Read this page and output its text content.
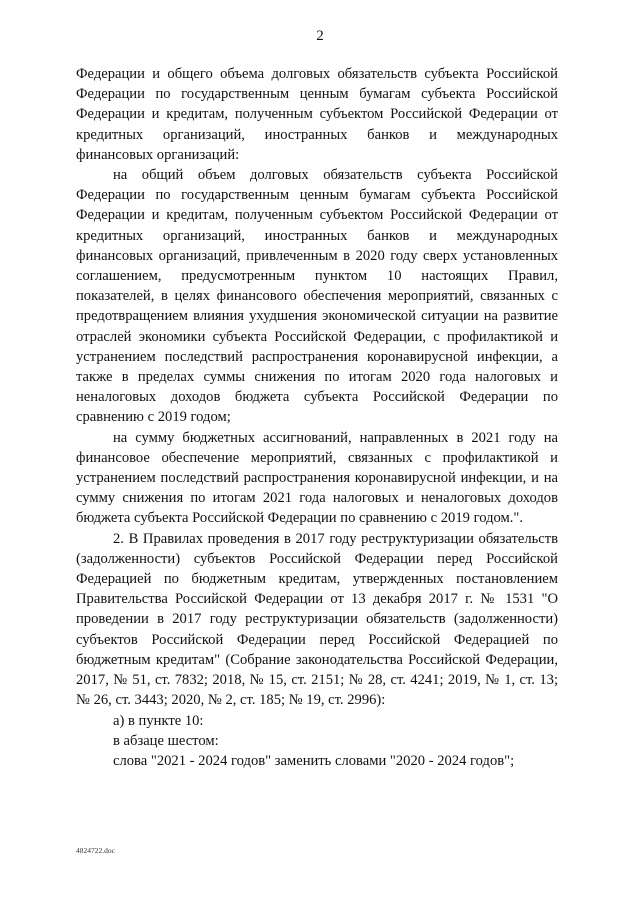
2

Федерации и общего объема долговых обязательств субъекта Российской Федерации по государственным ценным бумагам субъекта Российской Федерации и кредитам, полученным субъектом Российской Федерации от кредитных организаций, иностранных банков и международных финансовых организаций:

на общий объем долговых обязательств субъекта Российской Федерации по государственным ценным бумагам субъекта Российской Федерации и кредитам, полученным субъектом Российской Федерации от кредитных организаций, иностранных банков и международных финансовых организаций, привлеченным в 2020 году сверх установленных соглашением, предусмотренным пунктом 10 настоящих Правил, показателей, в целях финансового обеспечения мероприятий, связанных с предотвращением влияния ухудшения экономической ситуации на развитие отраслей экономики субъекта Российской Федерации, с профилактикой и устранением последствий распространения коронавирусной инфекции, а также в пределах суммы снижения по итогам 2020 года налоговых и неналоговых доходов бюджета субъекта Российской Федерации по сравнению с 2019 годом;

на сумму бюджетных ассигнований, направленных в 2021 году на финансовое обеспечение мероприятий, связанных с профилактикой и устранением последствий распространения коронавирусной инфекции, и на сумму снижения по итогам 2021 года налоговых и неналоговых доходов бюджета субъекта Российской Федерации по сравнению с 2019 годом.".

2. В Правилах проведения в 2017 году реструктуризации обязательств (задолженности) субъектов Российской Федерации перед Российской Федерацией по бюджетным кредитам, утвержденных постановлением Правительства Российской Федерации от 13 декабря 2017 г. № 1531 "О проведении в 2017 году реструктуризации обязательств (задолженности) субъектов Российской Федерации перед Российской Федерацией по бюджетным кредитам" (Собрание законодательства Российской Федерации, 2017, № 51, ст. 7832; 2018, № 15, ст. 2151; № 28, ст. 4241; 2019, № 1, ст. 13; № 26, ст. 3443; 2020, № 2, ст. 185; № 19, ст. 2996):

а) в пункте 10:

в абзаце шестом:

слова "2021 - 2024 годов" заменить словами "2020 - 2024 годов";

4824722.doc
